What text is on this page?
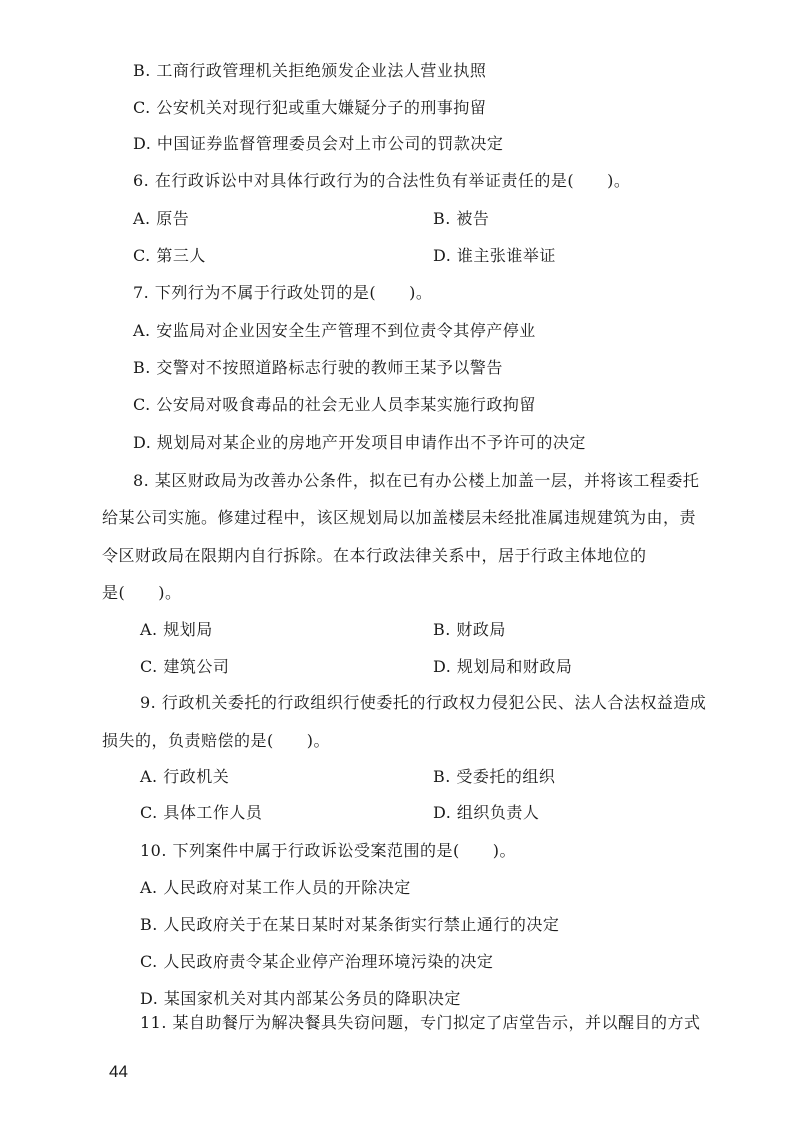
B. 工商行政管理机关拒绝颁发企业法人营业执照
C. 公安机关对现行犯或重大嫌疑分子的刑事拘留
D. 中国证券监督管理委员会对上市公司的罚款决定
6. 在行政诉讼中对具体行政行为的合法性负有举证责任的是(　　)。
A. 原告	B. 被告
C. 第三人	D. 谁主张谁举证
7. 下列行为不属于行政处罚的是(　　)。
A. 安监局对企业因安全生产管理不到位责令其停产停业
B. 交警对不按照道路标志行驶的教师王某予以警告
C. 公安局对吸食毒品的社会无业人员李某实施行政拘留
D. 规划局对某企业的房地产开发项目申请作出不予许可的决定
8. 某区财政局为改善办公条件，拟在已有办公楼上加盖一层，并将该工程委托
给某公司实施。修建过程中，该区规划局以加盖楼层未经批准属违规建筑为由，责
令区财政局在限期内自行拆除。在本行政法律关系中，居于行政主体地位的
是(　　)。
A. 规划局	B. 财政局
C. 建筑公司	D. 规划局和财政局
9. 行政机关委托的行政组织行使委托的行政权力侵犯公民、法人合法权益造成
损失的，负责赔偿的是(　　)。
A. 行政机关	B. 受委托的组织
C. 具体工作人员	D. 组织负责人
10. 下列案件中属于行政诉讼受案范围的是(　　)。
A. 人民政府对某工作人员的开除决定
B. 人民政府关于在某日某时对某条街实行禁止通行的决定
C. 人民政府责令某企业停产治理环境污染的决定
D. 某国家机关对其内部某公务员的降职决定
11. 某自助餐厅为解决餐具失窃问题，专门拟定了店堂告示，并以醒目的方式
44
